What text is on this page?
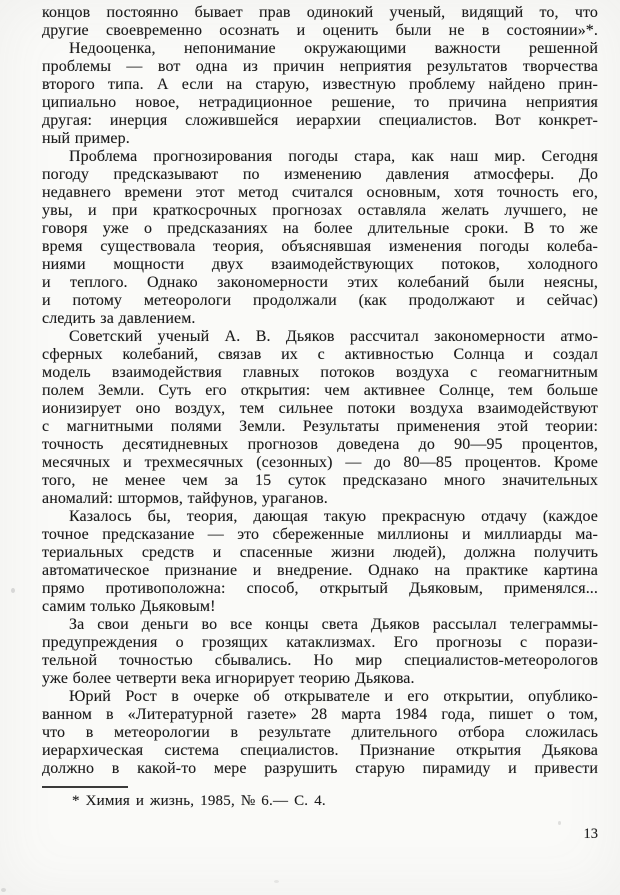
концов постоянно бывает прав одинокий ученый, видящий то, что
другие своевременно осознать и оценить были не в состоянии»*.
Недооценка, непонимание окружающими важности решенной
проблемы — вот одна из причин неприятия результатов творчества
второго типа. А если на старую, известную проблему найдено прин-
ципиально новое, нетрадиционное решение, то причина неприятия
другая: инерция сложившейся иерархии специалистов. Вот конкрет-
ный пример.
Проблема прогнозирования погоды стара, как наш мир. Сегодня
погоду предсказывают по изменению давления атмосферы. До
недавнего времени этот метод считался основным, хотя точность его,
увы, и при краткосрочных прогнозах оставляла желать лучшего, не
говоря уже о предсказаниях на более длительные сроки. В то же
время существовала теория, объяснявшая изменения погоды колеба-
ниями мощности двух взаимодействующих потоков, холодного
и теплого. Однако закономерности этих колебаний были неясны,
и потому метеорологи продолжали (как продолжают и сейчас)
следить за давлением.
Советский ученый А. В. Дьяков рассчитал закономерности атмо-
сферных колебаний, связав их с активностью Солнца и создал
модель взаимодействия главных потоков воздуха с геомагнитным
полем Земли. Суть его открытия: чем активнее Солнце, тем больше
ионизирует оно воздух, тем сильнее потоки воздуха взаимодействуют
с магнитными полями Земли. Результаты применения этой теории:
точность десятидневных прогнозов доведена до 90—95 процентов,
месячных и трехмесячных (сезонных) — до 80—85 процентов. Кроме
того, не менее чем за 15 суток предсказано много значительных
аномалий: штормов, тайфунов, ураганов.
Казалось бы, теория, дающая такую прекрасную отдачу (каждое
точное предсказание — это сбереженные миллионы и миллиарды ма-
териальных средств и спасенные жизни людей), должна получить
автоматическое признание и внедрение. Однако на практике картина
прямо противоположна: способ, открытый Дьяковым, применялся...
самим только Дьяковым!
За свои деньги во все концы света Дьяков рассылал телеграммы-
предупреждения о грозящих катаклизмах. Его прогнозы с порази-
тельной точностью сбывались. Но мир специалистов-метеорологов
уже более четверти века игнорирует теорию Дьякова.
Юрий Рост в очерке об открывателе и его открытии, опублико-
ванном в «Литературной газете» 28 марта 1984 года, пишет о том,
что в метеорологии в результате длительного отбора сложилась
иерархическая система специалистов. Признание открытия Дьякова
должно в какой-то мере разрушить старую пирамиду и привести
* Химия и жизнь, 1985, № 6.— С. 4.
13
